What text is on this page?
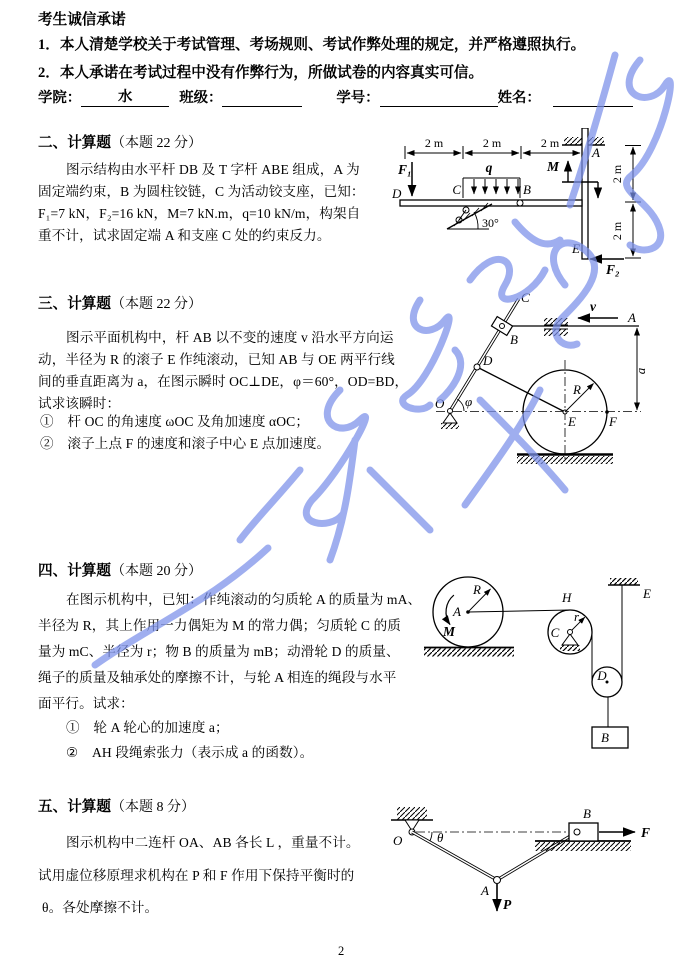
考生诚信承诺
1．本人清楚学校关于考试管理、考场规则、考试作弊处理的规定，并严格遵照执行。
2．本人承诺在考试过程中没有作弊行为，所做试卷的内容真实可信。
学院：	水	班级：	学号：	姓名：
二、计算题（本题 22 分）
图示结构由水平杆 DB 及 T 字杆 ABE 组成，A 为
固定端约束，B 为圆柱铰链，C 为活动铰支座，已知：
F₁=7 kN，F₂=16 kN，M=7 kN.m，q=10 kN/m，构架自
重不计，试求固定端 A 和支座 C 处的约束反力。
2 m	2 m	2 m
A
D
F₁	q
C	B
30°
M
E
F₂
2 m
2 m
三、计算题（本题 22 分）
图示平面机构中，杆 AB 以不变的速度 v 沿水平方向运
动，半径为 R 的滚子 E 作纯滚动，已知 AB 与 OE 两平行线
间的垂直距离为 a，在图示瞬时 OC⊥DE，φ＝60°，OD=BD，
试求该瞬时：
①　杆 OC 的角速度 ωOC 及角加速度 αOC；
②　滚子上点 F 的速度和滚子中心 E 点加速度。
A
v
C
B
D
R
E	F
O φ
a
四、计算题（本题 20 分）
在图示机构中，已知：作纯滚动的匀质轮 A 的质量为 mA、
半径为 R，其上作用一力偶矩为 M 的常力偶；匀质轮 C 的质
量为 mC、半径为 r；物 B 的质量为 mB；动滑轮 D 的质量、
绳子的质量及轴承处的摩擦不计，与轮 A 相连的绳段与水平
面平行。试求：
①　轮 A 轮心的加速度 a；
②　AH 段绳索张力（表示成 a 的函数）。
R
A
M
H
C
r
E
D
B
五、计算题（本题 8 分）
图示机构中二连杆 OA、AB 各长 L ，重量不计。
试用虚位移原理求机构在 P 和 F 作用下保持平衡时的
θ。各处摩擦不计。
O	θ
A
P
B
F
2
